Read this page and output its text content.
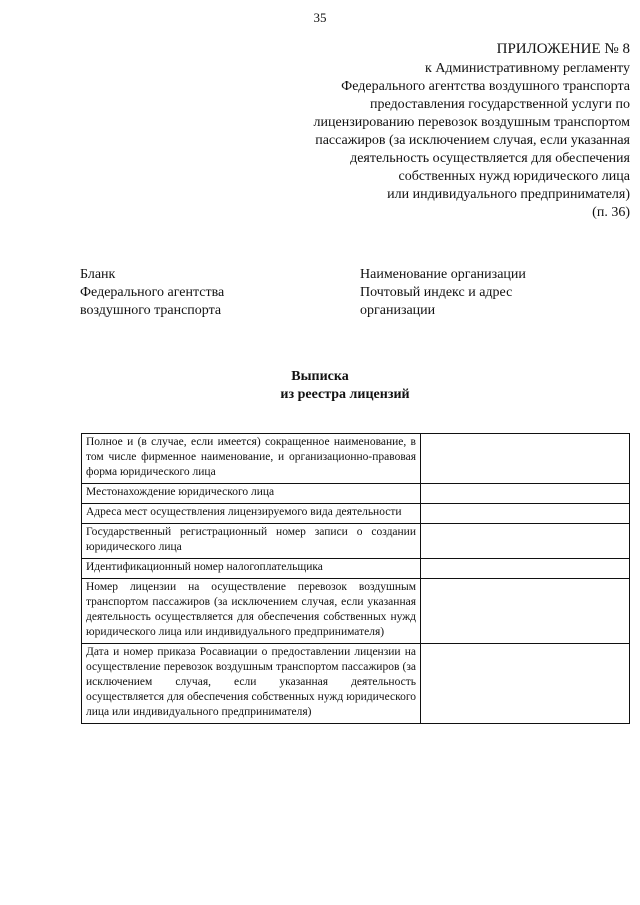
35
ПРИЛОЖЕНИЕ № 8
к Административному регламенту
Федерального агентства воздушного транспорта
предоставления государственной услуги по
лицензированию перевозок воздушным транспортом
пассажиров (за исключением случая, если указанная
деятельность осуществляется для обеспечения
собственных нужд юридического лица
или индивидуального предпринимателя)
(п. 36)
Бланк
Федерального агентства
воздушного транспорта
Наименование организации
Почтовый индекс и адрес
организации
Выписка
из реестра лицензий
Полное и (в случае, если имеется) сокращенное наименование, в том числе фирменное наименование, и организационно-правовая форма юридического лица	
Местонахождение юридического лица	
Адреса мест осуществления лицензируемого вида деятельности	
Государственный регистрационный номер записи о создании юридического лица	
Идентификационный номер налогоплательщика	
Номер лицензии на осуществление перевозок воздушным транспортом пассажиров (за исключением случая, если указанная деятельность осуществляется для обеспечения собственных нужд юридического лица или индивидуального предпринимателя)	
Дата и номер приказа Росавиации о предоставлении лицензии на осуществление перевозок воздушным транспортом пассажиров (за исключением случая, если указанная деятельность осуществляется для обеспечения собственных нужд юридического лица или индивидуального предпринимателя)	
